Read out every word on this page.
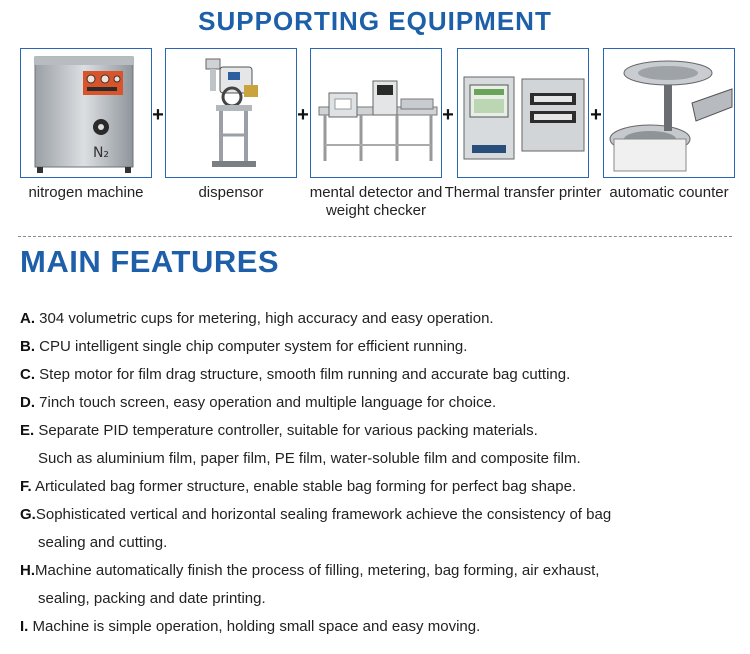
SUPPORTING EQUIPMENT
N₂
nitrogen machine
+
dispensor
+
mental detector and weight checker
+
Thermal transfer printer
+
automatic counter
MAIN FEATURES
A. 304 volumetric cups for metering, high accuracy and easy operation.
B. CPU intelligent single chip computer system for efficient running.
C. Step motor for film drag structure, smooth film running and accurate bag cutting.
D. 7inch touch screen, easy operation and multiple language for choice.
E. Separate PID temperature controller, suitable for various packing materials.
Such as aluminium film, paper film, PE film, water-soluble film and composite film.
F. Articulated bag former structure, enable stable bag forming for perfect bag shape.
G.Sophisticated vertical and horizontal sealing framework achieve the consistency of bag
sealing and cutting.
H.Machine automatically finish the process of filling, metering, bag forming, air exhaust,
sealing, packing and date printing.
I. Machine is simple operation, holding small space and easy moving.
